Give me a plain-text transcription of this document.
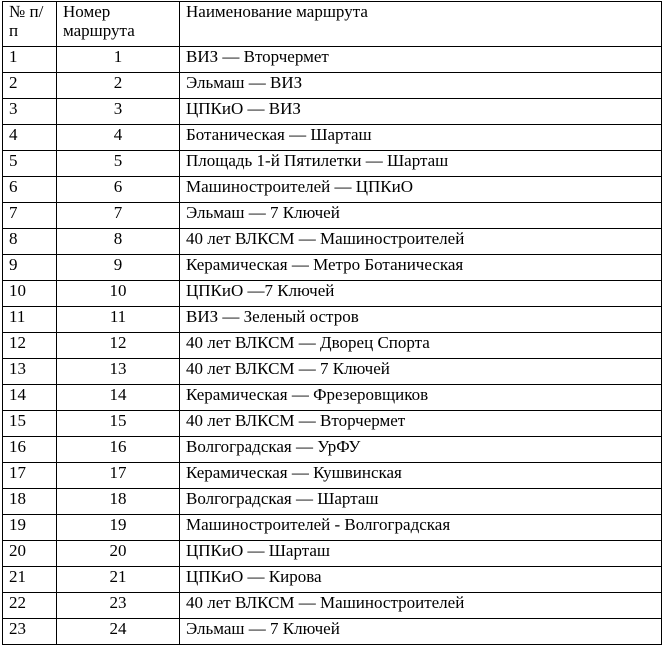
№ п/п	Номер маршрута	Наименование маршрута
1	1	ВИЗ — Вторчермет
2	2	Эльмаш — ВИЗ
3	3	ЦПКиО — ВИЗ
4	4	Ботаническая — Шарташ
5	5	Площадь 1-й Пятилетки — Шарташ
6	6	Машиностроителей — ЦПКиО
7	7	Эльмаш — 7 Ключей
8	8	40 лет ВЛКСМ — Машиностроителей
9	9	Керамическая — Метро Ботаническая
10	10	ЦПКиО —7 Ключей
11	11	ВИЗ — Зеленый остров
12	12	40 лет ВЛКСМ — Дворец Спорта
13	13	40 лет ВЛКСМ — 7 Ключей
14	14	Керамическая — Фрезеровщиков
15	15	40 лет ВЛКСМ — Вторчермет
16	16	Волгоградская — УрФУ
17	17	Керамическая — Кушвинская
18	18	Волгоградская — Шарташ
19	19	Машиностроителей - Волгоградская
20	20	ЦПКиО — Шарташ
21	21	ЦПКиО — Кирова
22	23	40 лет ВЛКСМ — Машиностроителей
23	24	Эльмаш — 7 Ключей
